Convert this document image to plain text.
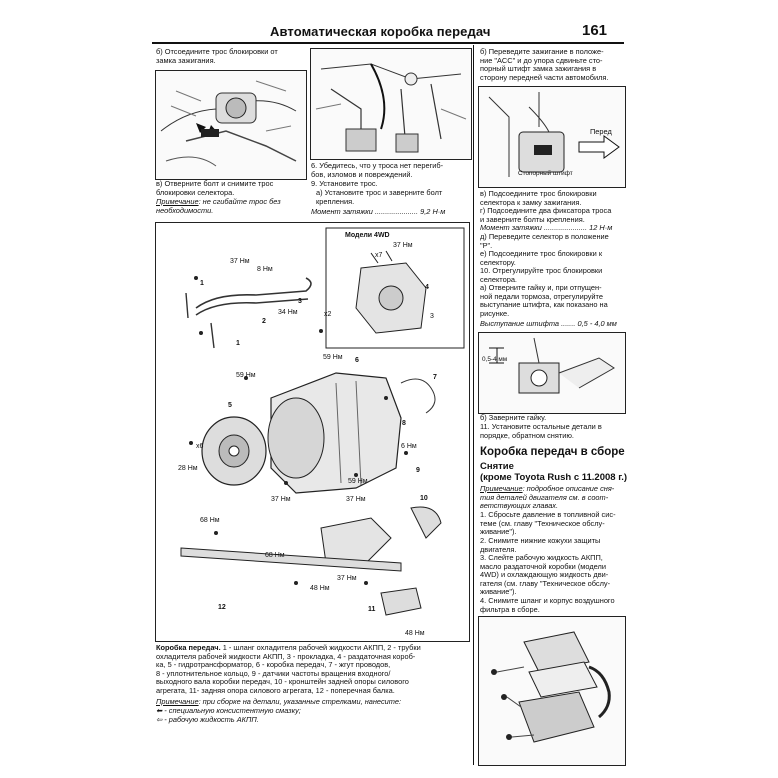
Автоматическая коробка передач	161
б) Отсоедините трос блокировки от
замка зажигания.
в) Отверните болт и снимите трос
блокировки селектора.
Примечание: не сгибайте трос без
необходимости.
6. Убедитесь, что у троса нет перегиб-
бов, изломов и повреждений.
9. Установите трос.
а) Установите трос и заверните болт
крепления.
Момент затяжки ..................... 9,2 Н·м
б) Переведите зажигание в положе-
ние "ACC" и до упора сдвиньте сто-
порный штифт замка зажигания в
сторону передней части автомобиля.
Перед
Стопорный штифт
в) Подсоедините трос блокировки
селектора к замку зажигания.
г) Подсоедините два фиксатора троса
и заверните болты крепления.
Момент затяжки ..................... 12 Н·м
д) Переведите селектор в положение
"P".
е) Подсоедините трос блокировки к
селектору.
10. Отрегулируйте трос блокировки
селектора.
а) Отверните гайку и, при отпущен-
ной педали тормоза, отрегулируйте
выступание штифта, как показано на
рисунке.
Выступание штифта ....... 0,5 - 4,0 мм
0,5-4 мм
б) Заверните гайку.
11. Установите остальные детали в
порядке, обратном снятию.
Коробка передач в сборе
Снятие
(кроме Toyota Rush с 11.2008 г.)
Примечание: подробное описание сня-
тия деталей двигателя см. в соот-
ветствующих главах.
1. Сбросьте давление в топливной сис-
теме (см. главу "Техническое обслу-
живание").
2. Снимите нижние кожухи защиты
двигателя.
3. Слейте рабочую жидкость АКПП,
масло раздаточной коробки (модели
4WD) и охлаждающую жидкость дви-
гателя (см. главу "Техническое обслу-
живание").
4. Снимите шланг и корпус воздушного
фильтра в сборе.
Модели 4WD
37 Нм
x7
4
3
37 Нм
8 Нм
1
3
34 Нм
2
x2
1
59 Нм 6
59 Нм	7
5
8
x6	6 Нм
28 Нм	9
59 Нм
37 Нм	37 Нм	10
68 Нм
68 Нм
37 Нм
48 Нм
11
12
48 Нм
Коробка передач. 1 - шланг охладителя рабочей жидкости АКПП, 2 - трубки
охладителя рабочей жидкости АКПП, 3 - прокладка, 4 - раздаточная короб-
ка, 5 - гидротрансформатор, 6 - коробка передач, 7 - жгут проводов,
8 - уплотнительное кольцо, 9 - датчики частоты вращения входного/
выходного вала коробки передач, 10 - кронштейн задней опоры силового
агрегата, 11- задняя опора силового агрегата, 12 - поперечная балка.
Примечание: при сборке на детали, указанные стрелками, нанесите:
⬅ - специальную консистентную смазку;
⇦ - рабочую жидкость АКПП.
